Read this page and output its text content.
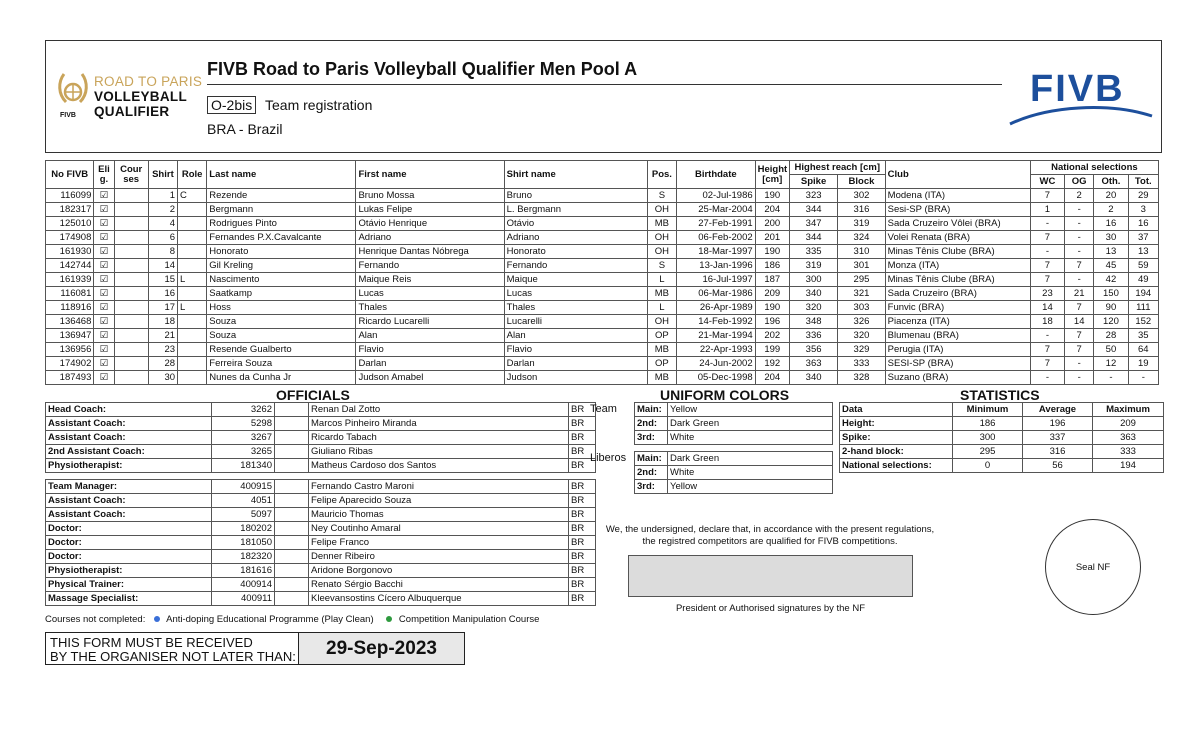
ROAD TO PARIS
VOLLEYBALL
QUALIFIER
FIVB
FIVB Road to Paris Volleyball Qualifier Men Pool A
O-2bis Team registration
BRA - Brazil
FIVB
No FIVB	Eli g.	Cour ses	Shirt	Role	Last name	First name	Shirt name	Pos.	Birthdate	Height [cm]	Highest reach [cm]		Club	National selections			
											Spike	Block		WC	OG	Oth.	Tot.
116099	☑		1	C	Rezende	Bruno Mossa	Bruno	S	02-Jul-1986	190	323	302	Modena (ITA)	7	2	20	29
182317	☑		2		Bergmann	Lukas Felipe	L. Bergmann	OH	25-Mar-2004	204	344	316	Sesi-SP (BRA)	1	-	2	3
125010	☑		4		Rodrigues Pinto	Otávio Henrique	Otávio	MB	27-Feb-1991	200	347	319	Sada Cruzeiro Vôlei (BRA)	-	-	16	16
174908	☑		6		Fernandes P.X.Cavalcante	Adriano	Adriano	OH	06-Feb-2002	201	344	324	Volei Renata (BRA)	7	-	30	37
161930	☑		8		Honorato	Henrique Dantas Nóbrega	Honorato	OH	18-Mar-1997	190	335	310	Minas Tênis Clube (BRA)	-	-	13	13
142744	☑		14		Gil Kreling	Fernando	Fernando	S	13-Jan-1996	186	319	301	Monza (ITA)	7	7	45	59
161939	☑		15	L	Nascimento	Maique Reis	Maique	L	16-Jul-1997	187	300	295	Minas Tênis Clube (BRA)	7	-	42	49
116081	☑		16		Saatkamp	Lucas	Lucas	MB	06-Mar-1986	209	340	321	Sada Cruzeiro (BRA)	23	21	150	194
118916	☑		17	L	Hoss	Thales	Thales	L	26-Apr-1989	190	320	303	Funvic (BRA)	14	7	90	111
136468	☑		18		Souza	Ricardo Lucarelli	Lucarelli	OH	14-Feb-1992	196	348	326	Piacenza (ITA)	18	14	120	152
136947	☑		21		Souza	Alan	Alan	OP	21-Mar-1994	202	336	320	Blumenau (BRA)	-	7	28	35
136956	☑		23		Resende Gualberto	Flavio	Flavio	MB	22-Apr-1993	199	356	329	Perugia (ITA)	7	7	50	64
174902	☑		28		Ferreira Souza	Darlan	Darlan	OP	24-Jun-2002	192	363	333	SESI-SP (BRA)	7	-	12	19
187493	☑		30		Nunes da Cunha Jr	Judson Amabel	Judson	MB	05-Dec-1998	204	340	328	Suzano (BRA)	-	-	-	-
OFFICIALS
Head Coach:	3262		Renan Dal Zotto	BR
Assistant Coach:	5298		Marcos Pinheiro Miranda	BR
Assistant Coach:	3267		Ricardo Tabach	BR
2nd Assistant Coach:	3265		Giuliano Ribas	BR
Physiotherapist:	181340		Matheus Cardoso dos Santos	BR
Team Manager:	400915		Fernando Castro Maroni	BR
Assistant Coach:	4051		Felipe Aparecido Souza	BR
Assistant Coach:	5097		Mauricio Thomas	BR
Doctor:	180202		Ney Coutinho Amaral	BR
Doctor:	181050		Felipe Franco	BR
Doctor:	182320		Denner Ribeiro	BR
Physiotherapist:	181616		Aridone Borgonovo	BR
Physical Trainer:	400914		Renato Sérgio Bacchi	BR
Massage Specialist:	400911		Kleevansostins Cícero Albuquerque	BR
UNIFORM COLORS
Team Main:	Yellow
2nd:	Dark Green
3rd:	White
Liberos Main:	Dark Green
2nd:	White
3rd:	Yellow
STATISTICS
Data	Minimum	Average	Maximum
Height:	186	196	209
Spike:	300	337	363
2-hand block:	295	316	333
National selections:	0	56	194
We, the undersigned, declare that, in accordance with the present regulations,
the registred competitors are qualified for FIVB competitions.
President or Authorised signatures by the NF
Seal NF
Courses not completed: Anti-doping Educational Programme (Play Clean)	Competition Manipulation Course
THIS FORM MUST BE RECEIVED
BY THE ORGANISER NOT LATER THAN:	29-Sep-2023
